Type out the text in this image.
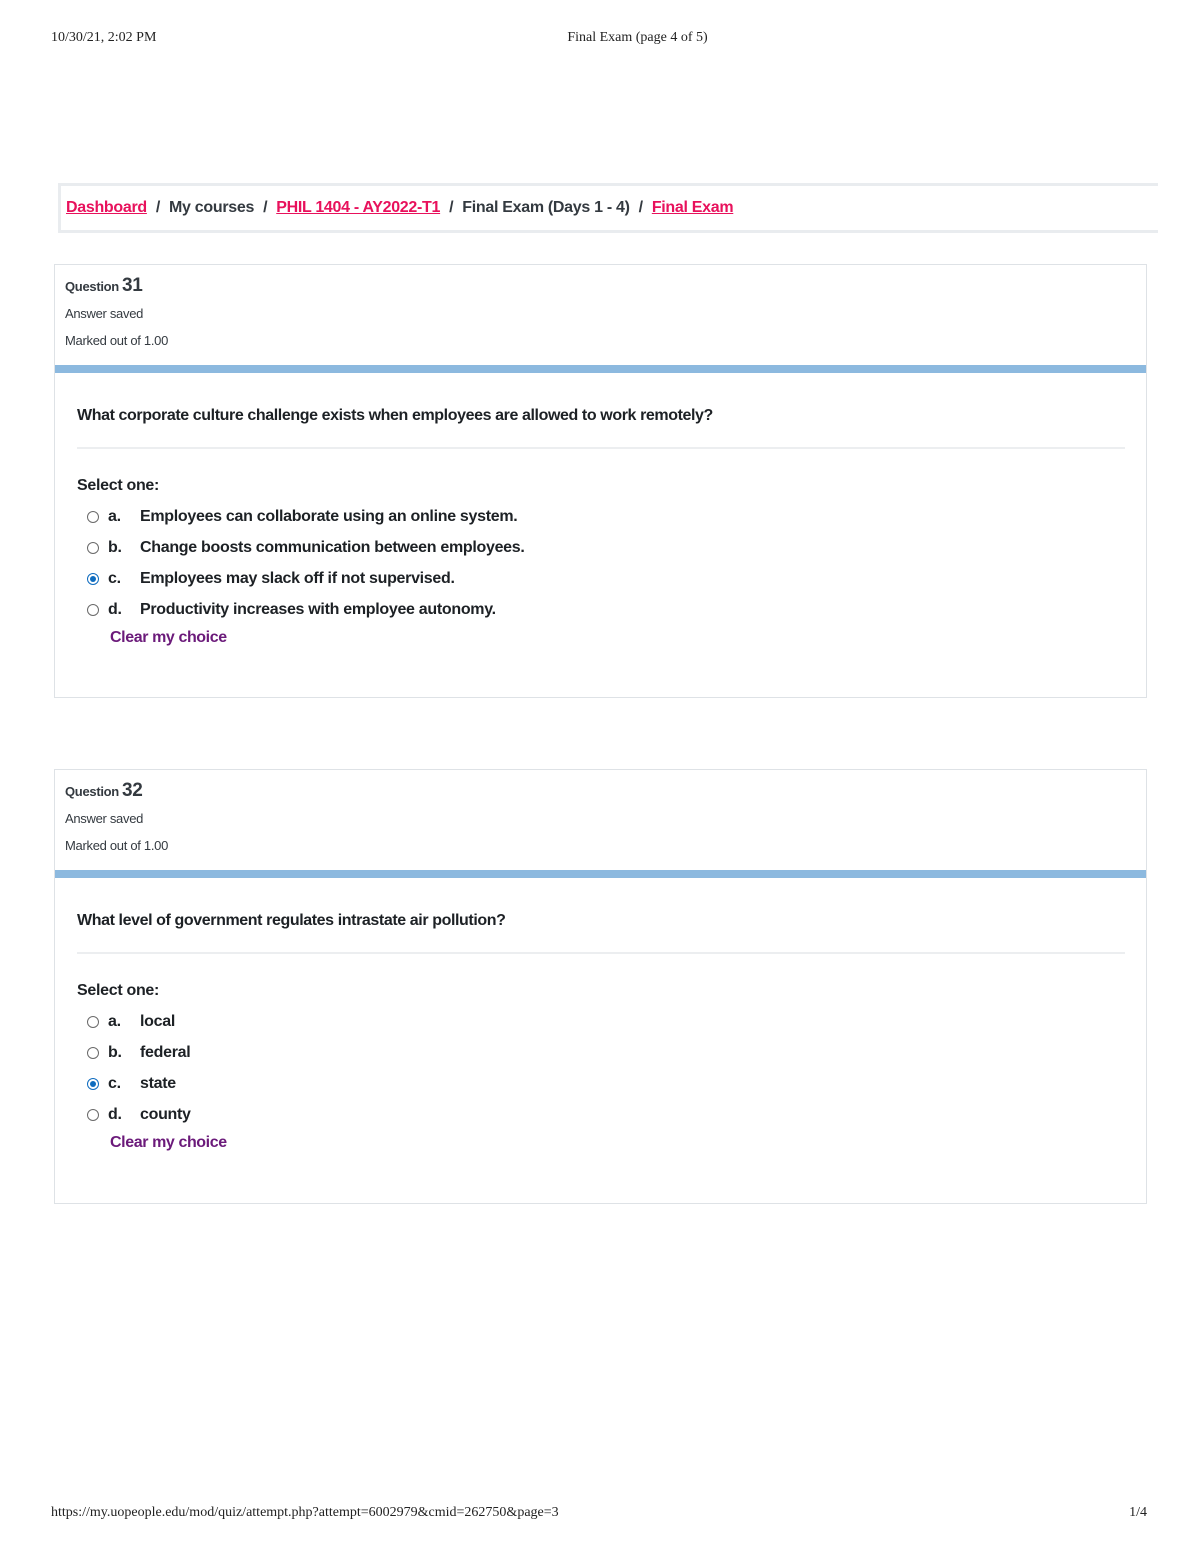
10/30/21, 2:02 PM	Final Exam (page 4 of 5)
Dashboard / My courses / PHIL 1404 - AY2022-T1 / Final Exam (Days 1 - 4) / Final Exam
Question 31
Answer saved
Marked out of 1.00
What corporate culture challenge exists when employees are allowed to work remotely?
Select one:
a.	Employees can collaborate using an online system.
b.	Change boosts communication between employees.
c.	Employees may slack off if not supervised.
d.	Productivity increases with employee autonomy.
Clear my choice
Question 32
Answer saved
Marked out of 1.00
What level of government regulates intrastate air pollution?
Select one:
a.	local
b.	federal
c.	state
d.	county
Clear my choice
https://my.uopeople.edu/mod/quiz/attempt.php?attempt=6002979&cmid=262750&page=3	1/4
